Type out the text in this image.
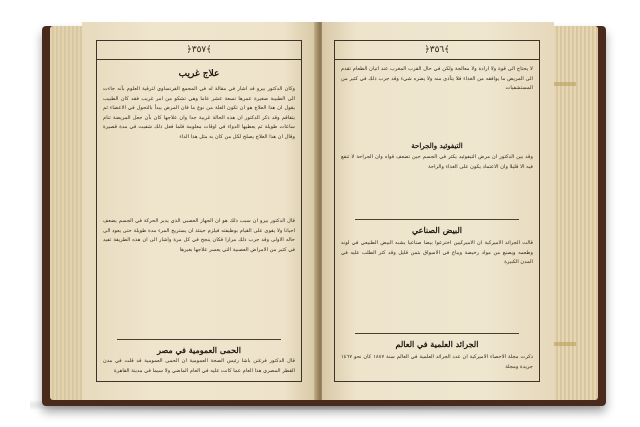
﴿٣٥٧﴾
علاج غريب
وكان الدكتور بيرو قد اشار في مقالة له في المجمع الفرنساوي لترقية العلوم بأنه جاءت الى الطبيبة صغيرة عمرها تسعة عشر عاما وهي تشكو من امر غريب فقد كان الطبيب يقول ان هذا العلاج هو ان تكون العلة من نوع ما فان المرض يبدأ بالتحول في الاعضاء ثم يتفاقم وقد ذكر الدكتور ان هذه الحالة غريبة جدا وان علاجها كان بأن جعل المريضة تنام ساعات طويلة ثم يعطيها الدواء في اوقات معلومة فلما فعل ذلك شفيت في مدة قصيرة وقال ان هذا العلاج يصلح لكل من كان به مثل هذا الداء
قال الدكتور بيرو ان سبب ذلك هو ان الجهاز العصبي الذي يدير الحركة في الجسم يضعف احيانا ولا يقوى على القيام بوظيفته فيلزم حينئذ ان يستريح المرء مدة طويلة حتى يعود الى حاله الاولى وقد جرب ذلك مرارا فكان ينجح في كل مرة واشار الى ان هذه الطريقة تفيد في كثير من الامراض العصبية التي يعسر علاجها بغيرها
الحمى العمومية في مصر
قال الدكتور فرغتن باشا رئيس الصحة العمومية ان الحمى العمومية قد قلت في مدن القطر المصري هذا العام عما كانت عليه في العام الماضي ولا سيما في مدينة القاهرة
﴿٣٥٦﴾
لا يحتاج الى قوة ولا ارادة ولا معالجة ولكن في حال القرب المغرب عند اتيان الطعام تقدم الى المريض ما يوافقه من الغذاء فلا يتأذى منه ولا يضره شيء وقد جرب ذلك في كثير من المستشفيات
التيفوئيد والجراحة
وقد بين الدكتور ان مرض التيفوئيد يكثر في الجسم حين تضعف قواه وان الجراحة لا تنفع فيه الا قليلا وان الاعتماد يكون على الغذاء والراحة
البيض الصناعي
قالت الجرائد الاميركية ان الاميركيين اخترعوا بيضا صناعيا يشبه البيض الطبيعي في لونه وطعمه ويصنع من مواد رخيصة ويباع في الاسواق بثمن قليل وقد كثر الطلب عليه في المدن الكبيرة
الجرائد العلمية في العالم
ذكرت مجلة الاحصاء الاميركية ان عدد الجرائد العلمية في العالم سنة ١٨٨٧ كان نحو ١٤٦٧ جريدة ومجلة
